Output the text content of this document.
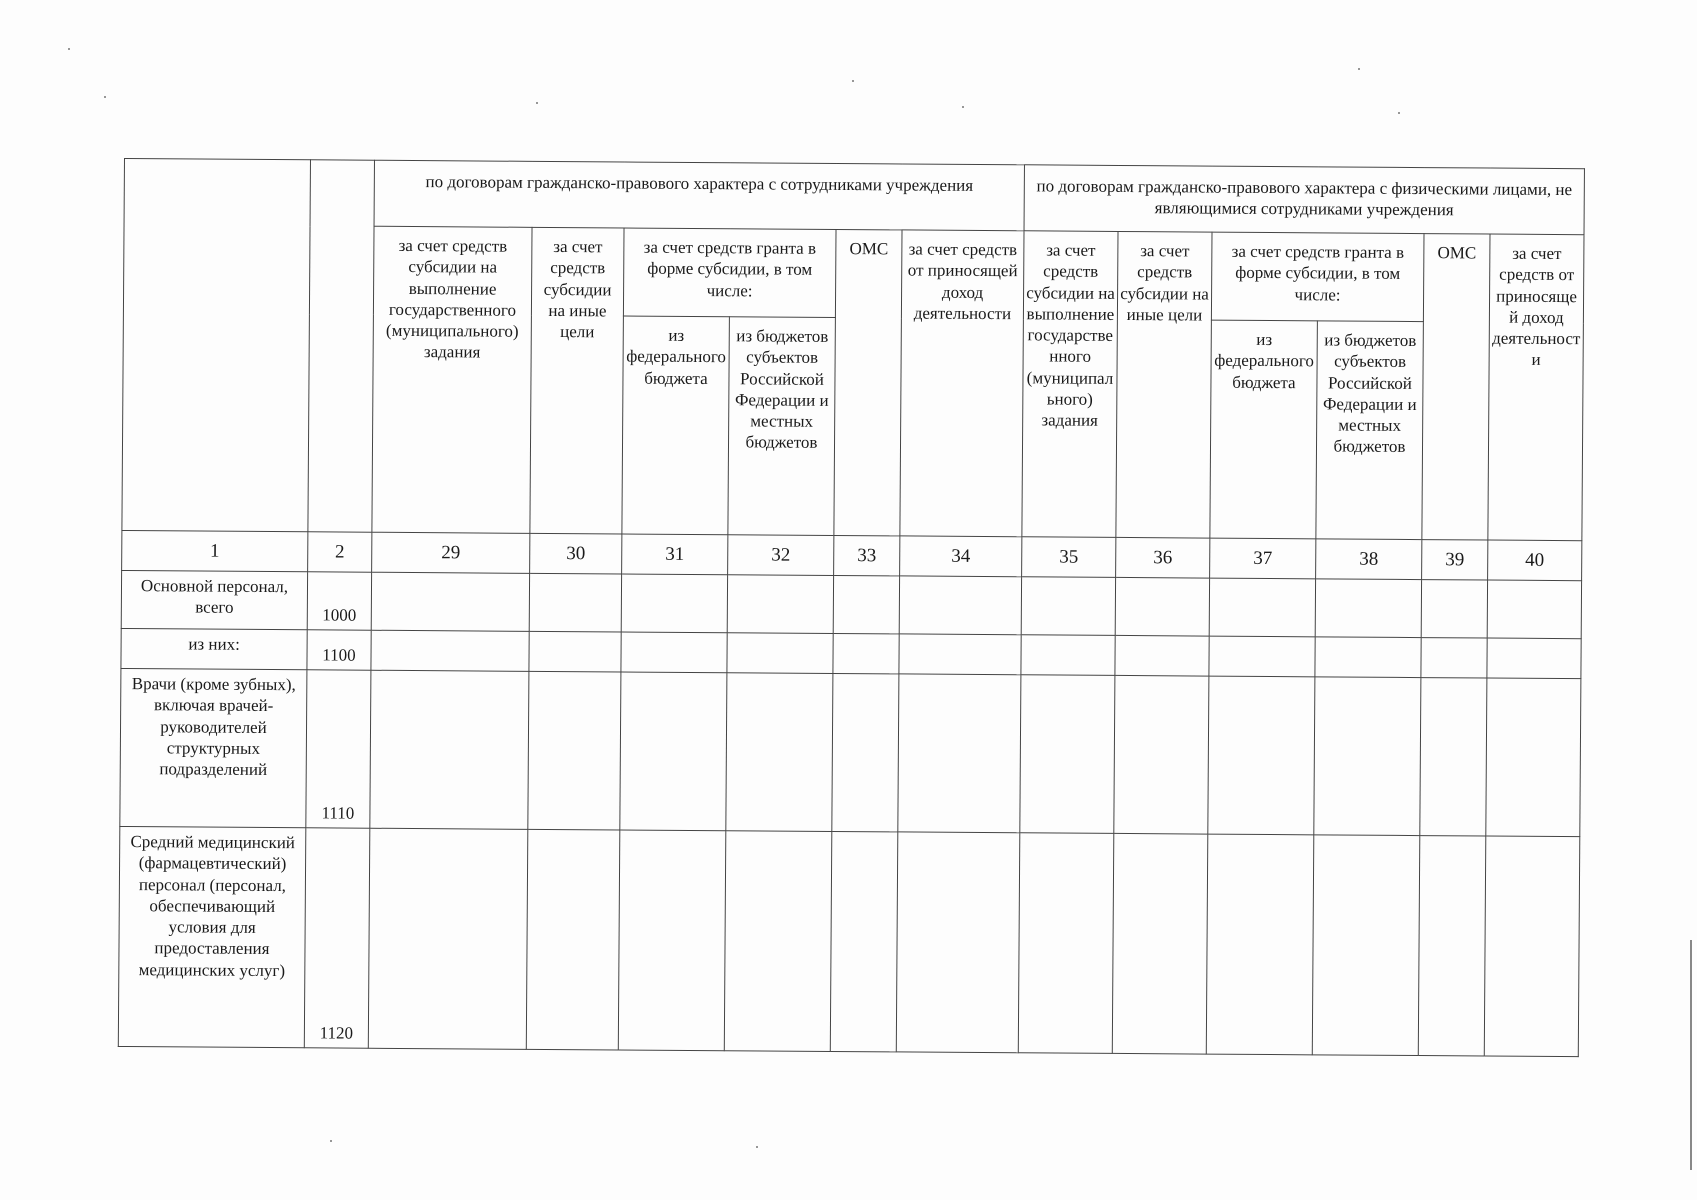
		по договорам гражданско-правового характера с сотрудниками учреждения						по договорам гражданско-правового характера с физическими лицами, не являющимися сотрудниками учреждения					
		за счет средств субсидии на выполнение государственного (муниципального) задания	за счет средств субсидии на иные цели	за счет средств гранта в форме субсидии, в том числе:		ОМС	за счет средств от приносящей доход деятельности	за счет средств субсидии на выполнение государственного (муниципального) задания	за счет средств субсидии на иные цели	за счет средств гранта в форме субсидии, в том числе:		ОМС	за счет средств от приносящей доход деятельности
				из федерального бюджета	из бюджетов субъектов Российской Федерации и местных бюджетов					из федерального бюджета	из бюджетов субъектов Российской Федерации и местных бюджетов		
1	2	29	30	31	32	33	34	35	36	37	38	39	40
Основной персонал, всего	1000												
из них:	1100												
Врачи (кроме зубных), включая врачей-руководителей структурных подразделений	1110												
Средний медицинский (фармацевтический) персонал (персонал, обеспечивающий условия для предоставления медицинских услуг)	1120												
